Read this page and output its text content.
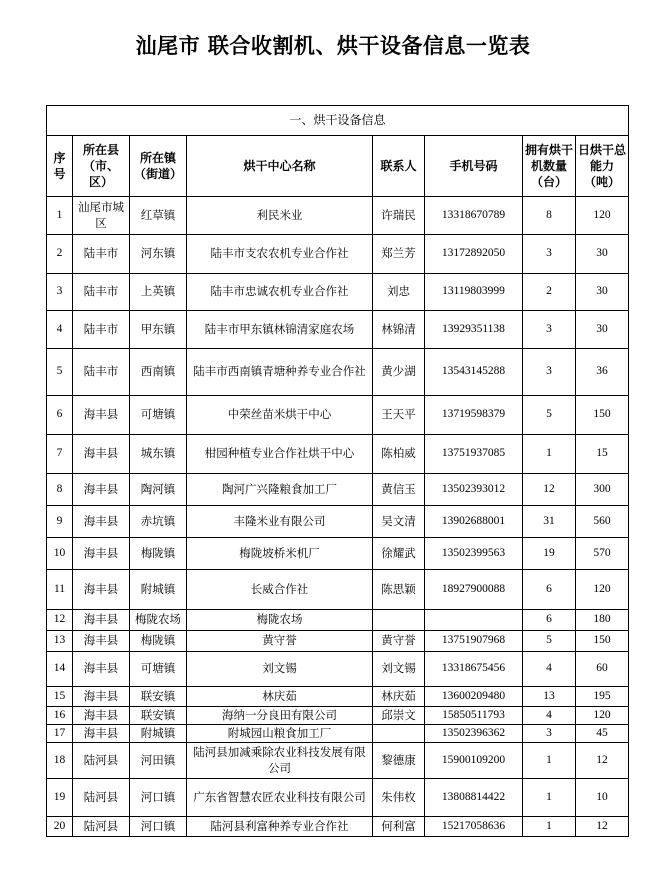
汕尾市 联合收割机、烘干设备信息一览表
一、烘干设备信息							
序号	所在县（市、区）	所在镇（街道）	烘干中心名称	联系人	手机号码	拥有烘干机数量（台）	日烘干总能力（吨）
1	汕尾市城区	红草镇	利民米业	许瑞民	13318670789	8	120
2	陆丰市	河东镇	陆丰市支农农机专业合作社	郑兰芳	13172892050	3	30
3	陆丰市	上英镇	陆丰市忠诚农机专业合作社	刘忠	13119803999	2	30
4	陆丰市	甲东镇	陆丰市甲东镇林锦清家庭农场	林锦清	13929351138	3	30
5	陆丰市	西南镇	陆丰市西南镇青塘种养专业合作社	黄少湖	13543145288	3	36
6	海丰县	可塘镇	中荣丝苗米烘干中心	王天平	13719598379	5	150
7	海丰县	城东镇	柑园种植专业合作社烘干中心	陈柏威	13751937085	1	15
8	海丰县	陶河镇	陶河广兴隆粮食加工厂	黄信玉	13502393012	12	300
9	海丰县	赤坑镇	丰隆米业有限公司	吴文清	13902688001	31	560
10	海丰县	梅陇镇	梅陇坡桥米机厂	徐耀武	13502399563	19	570
11	海丰县	附城镇	长威合作社	陈思颖	18927900088	6	120
12	海丰县	梅陇农场	梅陇农场			6	180
13	海丰县	梅陇镇	黄守誉	黄守誉	13751907968	5	150
14	海丰县	可塘镇	刘文锡	刘文锡	13318675456	4	60
15	海丰县	联安镇	林庆茹	林庆茹	13600209480	13	195
16	海丰县	联安镇	海纳一分良田有限公司	邱崇文	15850511793	4	120
17	海丰县	附城镇	附城园山粮食加工厂		13502396362	3	45
18	陆河县	河田镇	陆河县加减乘除农业科技发展有限公司	黎德康	15900109200	1	12
19	陆河县	河口镇	广东省智慧农匠农业科技有限公司	朱伟枚	13808814422	1	10
20	陆河县	河口镇	陆河县利富种养专业合作社	何利富	15217058636	1	12
